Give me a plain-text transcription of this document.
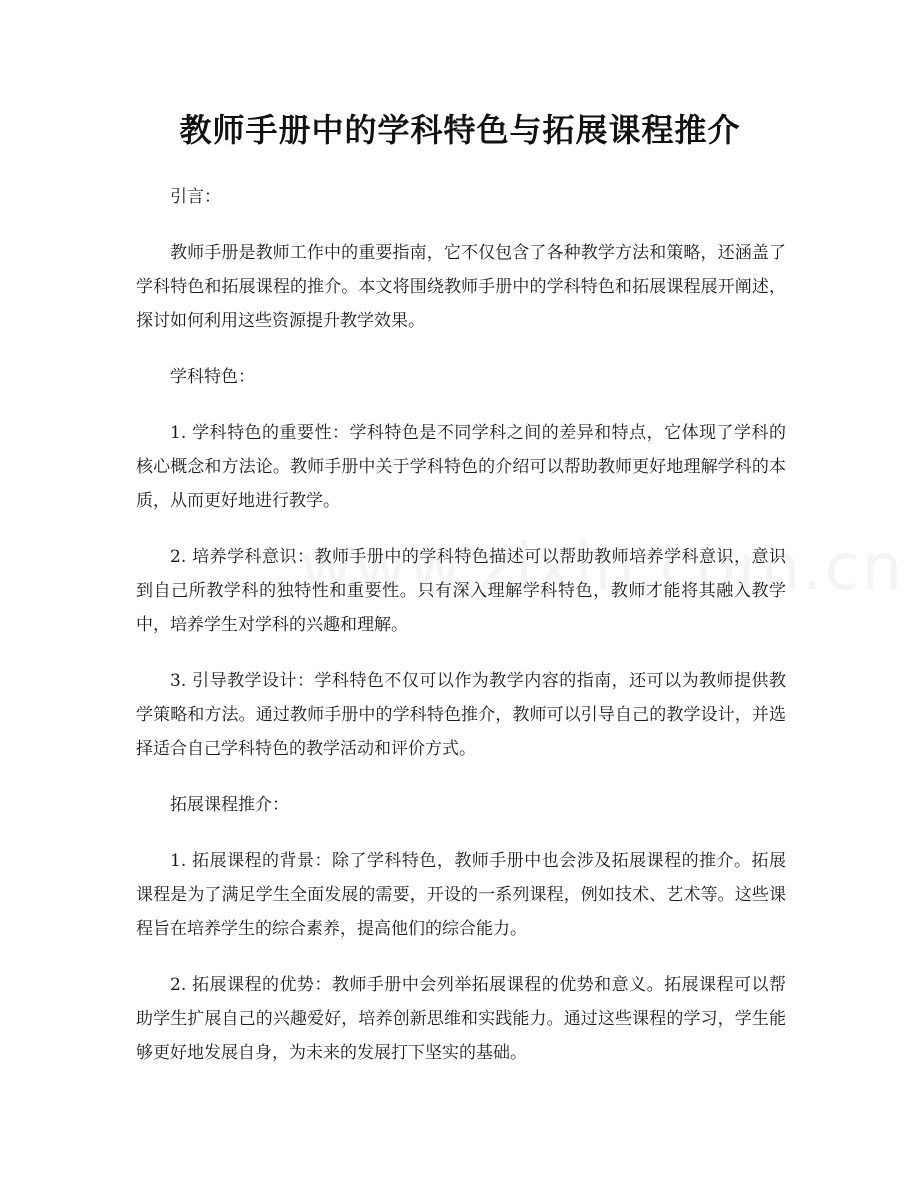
教师手册中的学科特色与拓展课程推介

引言：

教师手册是教师工作中的重要指南，它不仅包含了各种教学方法和策略，还涵盖了学科特色和拓展课程的推介。本文将围绕教师手册中的学科特色和拓展课程展开阐述，探讨如何利用这些资源提升教学效果。

学科特色：

1. 学科特色的重要性：学科特色是不同学科之间的差异和特点，它体现了学科的核心概念和方法论。教师手册中关于学科特色的介绍可以帮助教师更好地理解学科的本质，从而更好地进行教学。

2. 培养学科意识：教师手册中的学科特色描述可以帮助教师培养学科意识，意识到自己所教学科的独特性和重要性。只有深入理解学科特色，教师才能将其融入教学中，培养学生对学科的兴趣和理解。

3. 引导教学设计：学科特色不仅可以作为教学内容的指南，还可以为教师提供教学策略和方法。通过教师手册中的学科特色推介，教师可以引导自己的教学设计，并选择适合自己学科特色的教学活动和评价方式。

拓展课程推介：

1. 拓展课程的背景：除了学科特色，教师手册中也会涉及拓展课程的推介。拓展课程是为了满足学生全面发展的需要，开设的一系列课程，例如技术、艺术等。这些课程旨在培养学生的综合素养，提高他们的综合能力。

2. 拓展课程的优势：教师手册中会列举拓展课程的优势和意义。拓展课程可以帮助学生扩展自己的兴趣爱好，培养创新思维和实践能力。通过这些课程的学习，学生能够更好地发展自身，为未来的发展打下坚实的基础。
